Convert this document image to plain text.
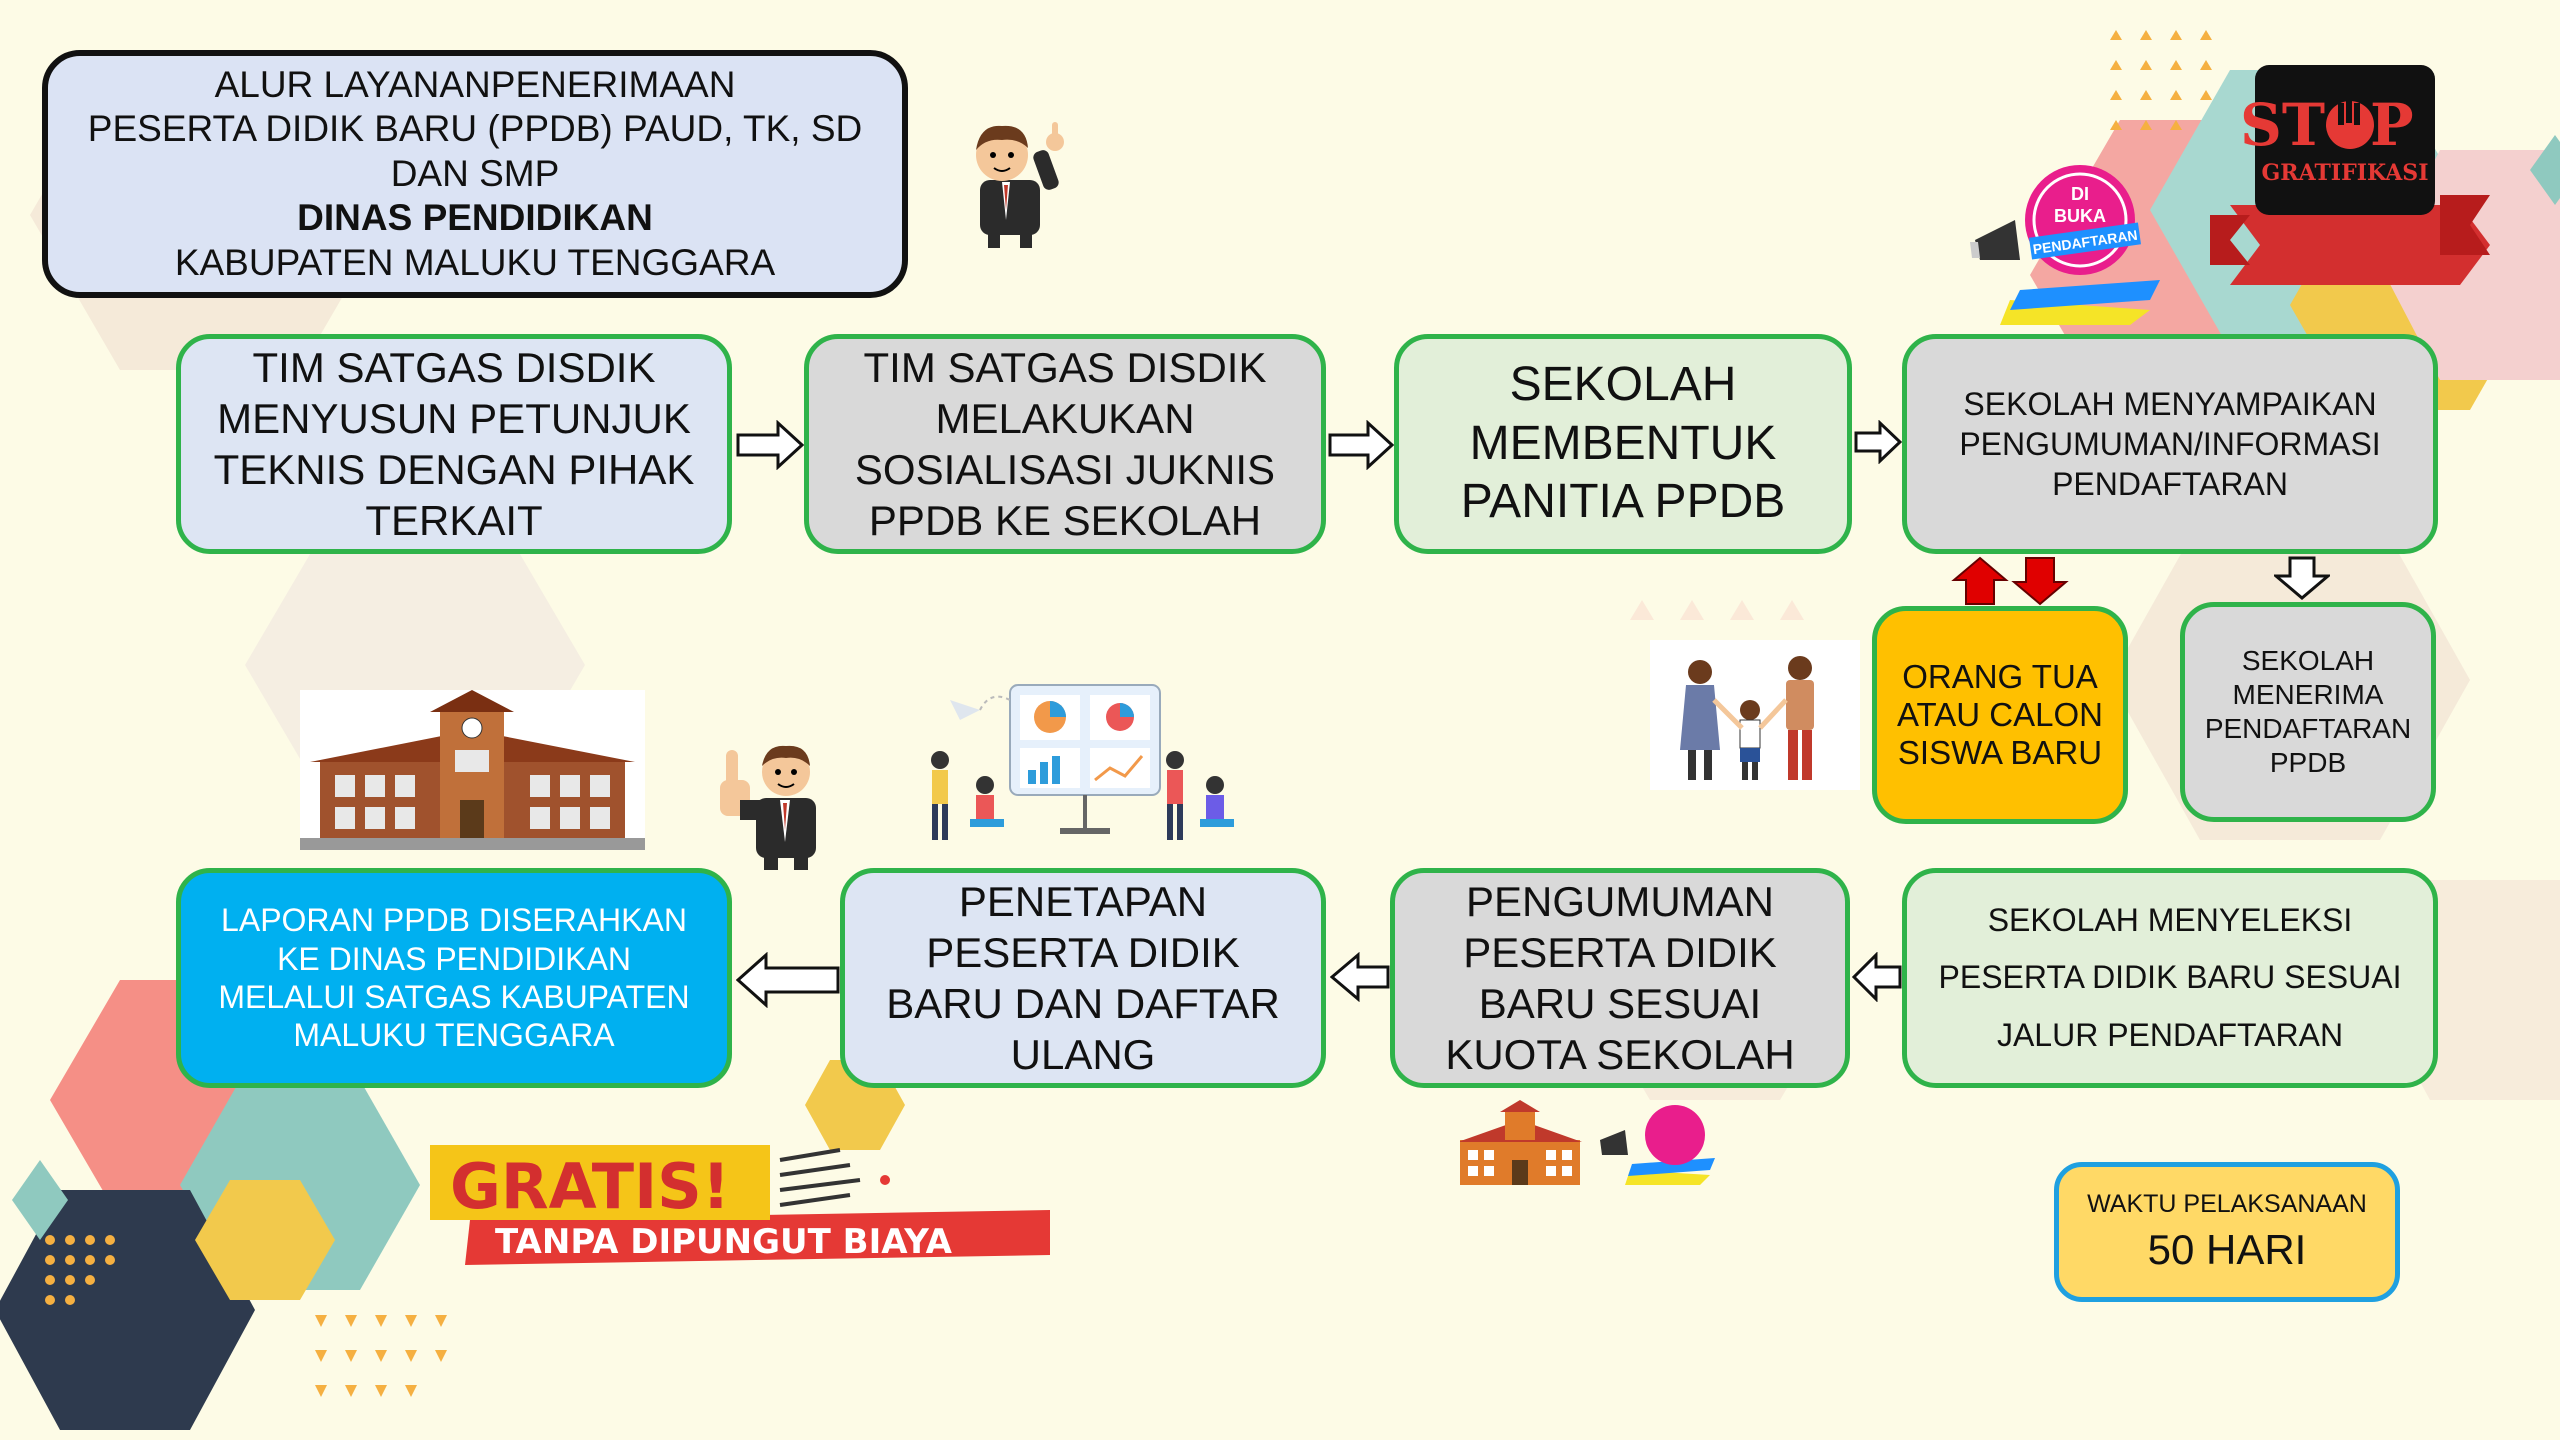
ALUR LAYANANPENERIMAAN
PESERTA DIDIK BARU (PPDB) PAUD, TK, SD
DAN SMP
DINAS PENDIDIKAN
KABUPATEN MALUKU TENGGARA
DI
BUKA
PENDAFTARAN
ST P
GRATIFIKASI
TIM SATGAS DISDIK MENYUSUN PETUNJUK TEKNIS DENGAN PIHAK TERKAIT
TIM SATGAS DISDIK MELAKUKAN SOSIALISASI JUKNIS PPDB KE SEKOLAH
SEKOLAH MEMBENTUK PANITIA PPDB
SEKOLAH MENYAMPAIKAN PENGUMUMAN/INFORMASI PENDAFTARAN
ORANG TUA ATAU CALON SISWA BARU
SEKOLAH MENERIMA PENDAFTARAN PPDB
LAPORAN PPDB DISERAHKAN KE DINAS PENDIDIKAN MELALUI SATGAS KABUPATEN MALUKU TENGGARA
PENETAPAN PESERTA DIDIK BARU DAN DAFTAR ULANG
PENGUMUMAN PESERTA DIDIK BARU SESUAI KUOTA SEKOLAH
SEKOLAH MENYELEKSI PESERTA DIDIK BARU SESUAI JALUR PENDAFTARAN
GRATIS!
TANPA DIPUNGUT BIAYA
WAKTU PELAKSANAAN
50 HARI
